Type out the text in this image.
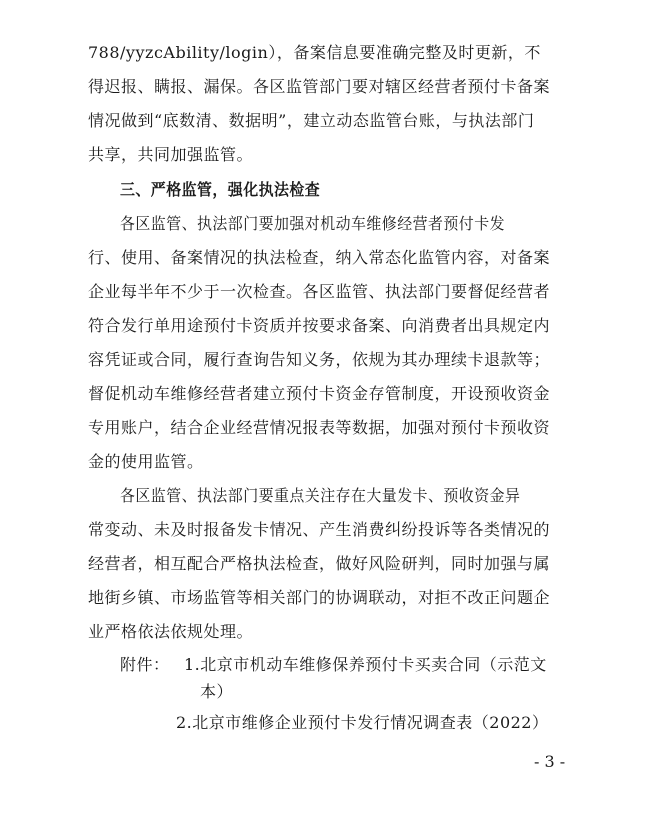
788/yyzcAbility/login），备案信息要准确完整及时更新，不
得迟报、瞒报、漏保。各区监管部门要对辖区经营者预付卡备案
情况做到“底数清、数据明”，建立动态监管台账，与执法部门
共享，共同加强监管。
三、严格监管，强化执法检查
各区监管、执法部门要加强对机动车维修经营者预付卡发
行、使用、备案情况的执法检查，纳入常态化监管内容，对备案
企业每半年不少于一次检查。各区监管、执法部门要督促经营者
符合发行单用途预付卡资质并按要求备案、向消费者出具规定内
容凭证或合同，履行查询告知义务，依规为其办理续卡退款等；
督促机动车维修经营者建立预付卡资金存管制度，开设预收资金
专用账户，结合企业经营情况报表等数据，加强对预付卡预收资
金的使用监管。
各区监管、执法部门要重点关注存在大量发卡、预收资金异
常变动、未及时报备发卡情况、产生消费纠纷投诉等各类情况的
经营者，相互配合严格执法检查，做好风险研判，同时加强与属
地街乡镇、市场监管等相关部门的协调联动，对拒不改正问题企
业严格依法依规处理。
附件： 1.北京市机动车维修保养预付卡买卖合同（示范文
本）
2.北京市维修企业预付卡发行情况调查表（2022）
- 3 -
